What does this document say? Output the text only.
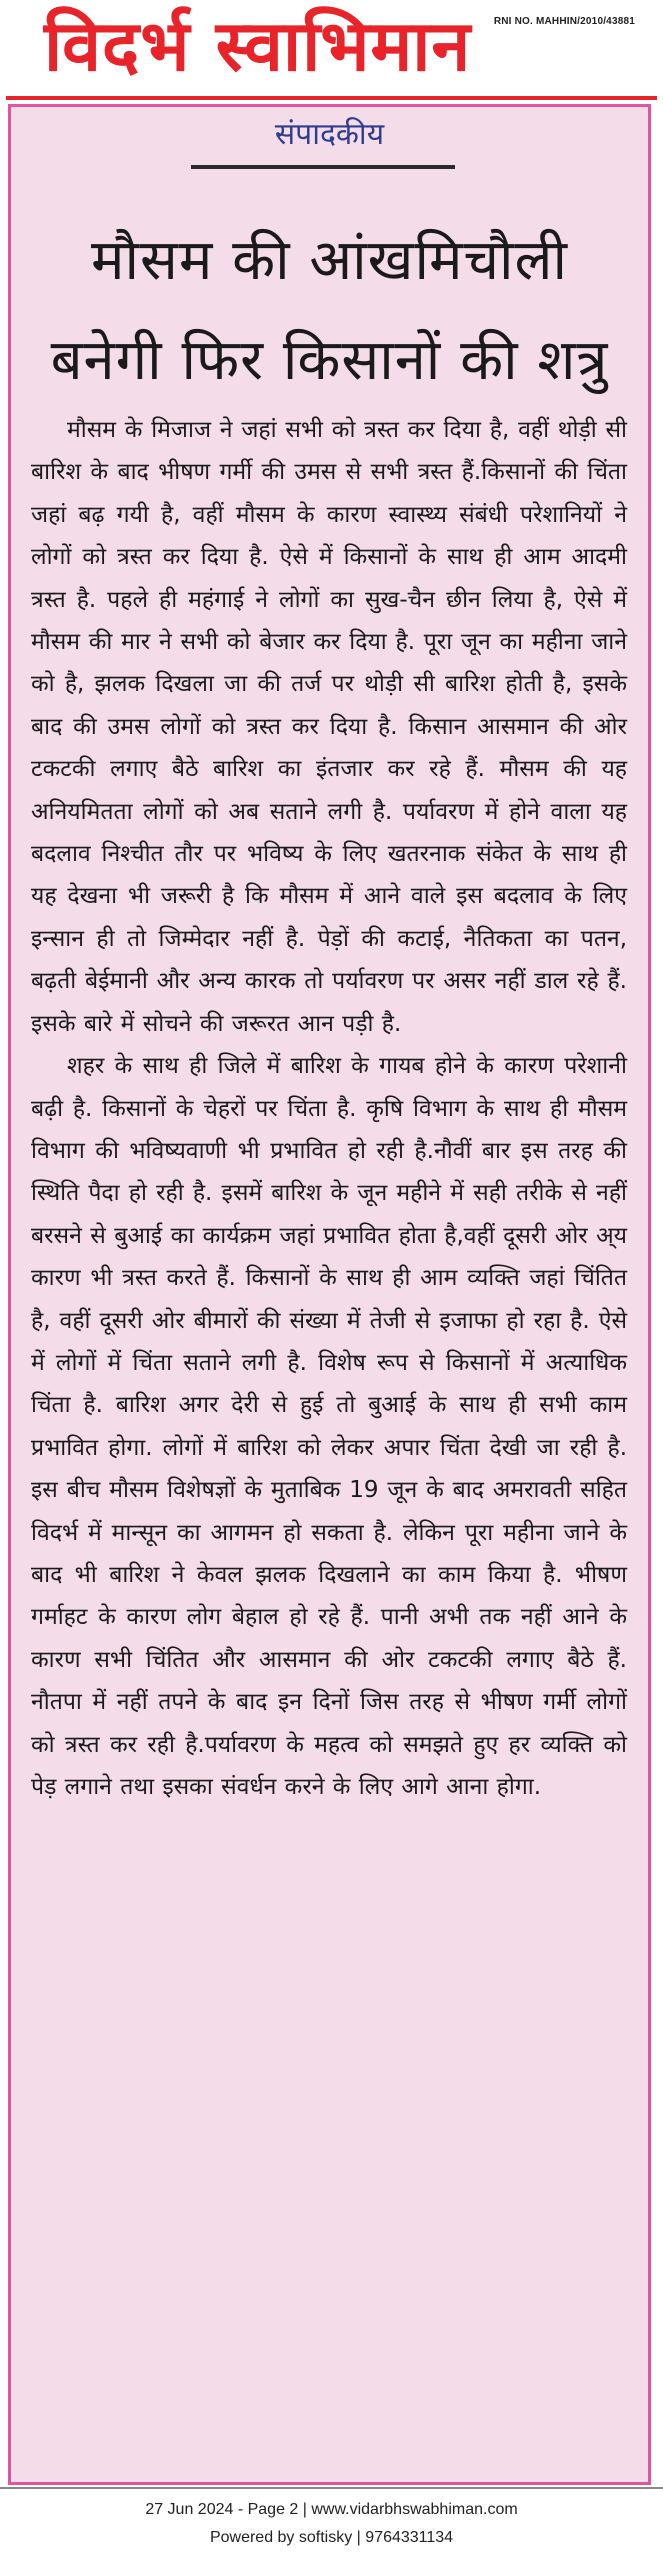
विदर्भ स्वाभिमान RNI NO. MAHHIN/2010/43881
संपादकीय
मौसम की आंखमिचौली
बनेगी फिर किसानों की शत्रु

मौसम के मिजाज ने जहां सभी को त्रस्त कर दिया है, वहीं थोड़ी सी बारिश के बाद भीषण गर्मी की उमस से सभी त्रस्त हैं.किसानों की चिंता जहां बढ़ गयी है, वहीं मौसम के कारण स्वास्थ्य संबंधी परेशानियों ने लोगों को त्रस्त कर दिया है. ऐसे में किसानों के साथ ही आम आदमी त्रस्त है. पहले ही महंगाई ने लोगों का सुख-चैन छीन लिया है, ऐसे में मौसम की मार ने सभी को बेजार कर दिया है. पूरा जून का महीना जाने को है, झलक दिखला जा की तर्ज पर थोड़ी सी बारिश होती है, इसके बाद की उमस लोगों को त्रस्त कर दिया है. किसान आसमान की ओर टकटकी लगाए बैठे बारिश का इंतजार कर रहे हैं. मौसम की यह अनियमितता लोगों को अब सताने लगी है. पर्यावरण में होने वाला यह बदलाव निश्चीत तौर पर भविष्य के लिए खतरनाक संकेत के साथ ही यह देखना भी जरूरी है कि मौसम में आने वाले इस बदलाव के लिए इन्सान ही तो जिम्मेदार नहीं है. पेड़ों की कटाई, नैतिकता का पतन, बढ़ती बेईमानी और अन्य कारक तो पर्यावरण पर असर नहीं डाल रहे हैं. इसके बारे में सोचने की जरूरत आन पड़ी है.

शहर के साथ ही जिले में बारिश के गायब होने के कारण परेशानी बढ़ी है. किसानों के चेहरों पर चिंता है. कृषि विभाग के साथ ही मौसम विभाग की भविष्यवाणी भी प्रभावित हो रही है.नौवीं बार इस तरह की स्थिति पैदा हो रही है. इसमें बारिश के जून महीने में सही तरीके से नहीं बरसने से बुआई का कार्यक्रम जहां प्रभावित होता है,वहीं दूसरी ओर अ्य कारण भी त्रस्त करते हैं. किसानों के साथ ही आम व्यक्ति जहां चिंतित है, वहीं दूसरी ओर बीमारों की संख्या में तेजी से इजाफा हो रहा है. ऐसे में लोगों में चिंता सताने लगी है. विशेष रूप से किसानों में अत्याधिक चिंता है. बारिश अगर देरी से हुई तो बुआई के साथ ही सभी काम प्रभावित होगा. लोगों में बारिश को लेकर अपार चिंता देखी जा रही है. इस बीच मौसम विशेषज्ञों के मुताबिक 19 जून के बाद अमरावती सहित विदर्भ में मान्सून का आगमन हो सकता है. लेकिन पूरा महीना जाने के बाद भी बारिश ने केवल झलक दिखलाने का काम किया है. भीषण गर्माहट के कारण लोग बेहाल हो रहे हैं. पानी अभी तक नहीं आने के कारण सभी चिंतित और आसमान की ओर टकटकी लगाए बैठे हैं. नौतपा में नहीं तपने के बाद इन दिनों जिस तरह से भीषण गर्मी लोगों को त्रस्त कर रही है.पर्यावरण के महत्व को समझते हुए हर व्यक्ति को पेड़ लगाने तथा इसका संवर्धन करने के लिए आगे आना होगा.

27 Jun 2024 - Page 2 | www.vidarbhswabhiman.com
Powered by softisky | 9764331134
